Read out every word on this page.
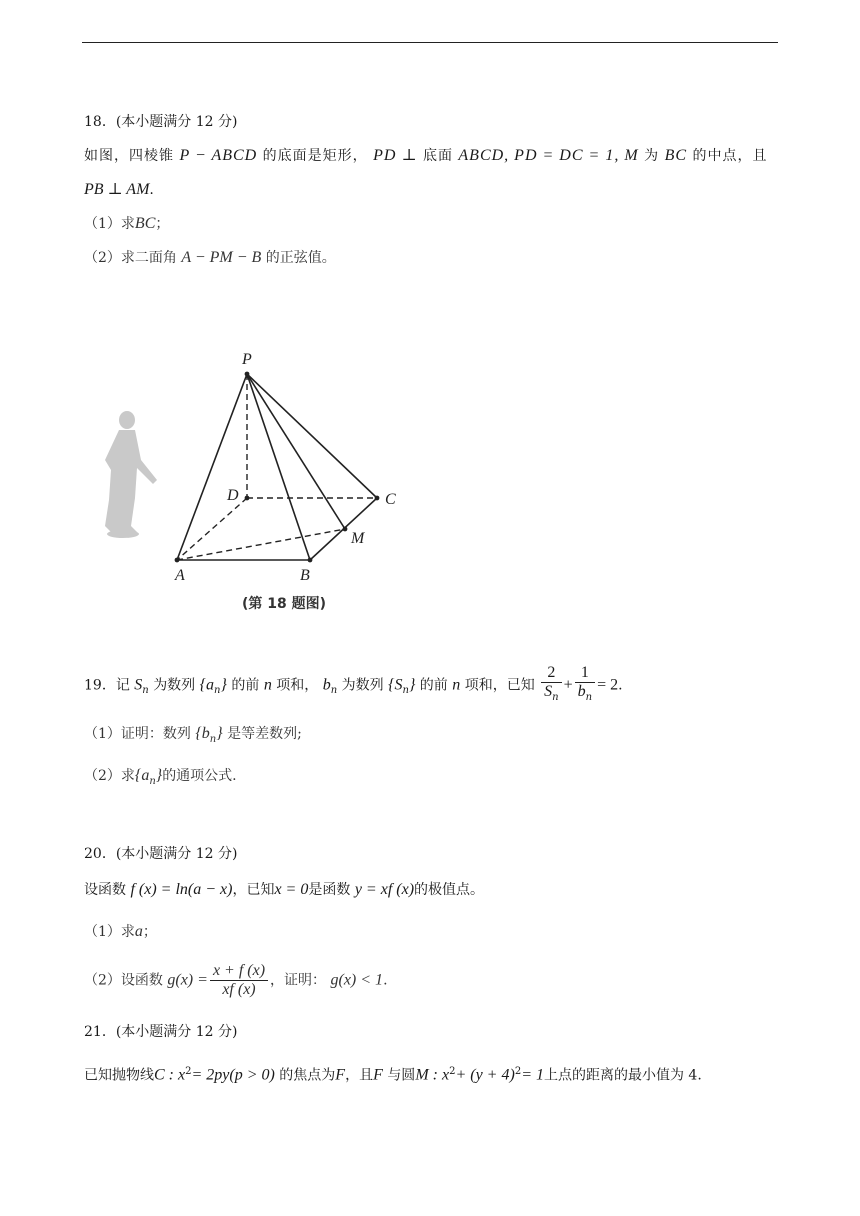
18．(本小题满分 12 分)
如图，四棱锥 P − ABCD 的底面是矩形， PD ⊥ 底面 ABCD, PD = DC = 1, M 为 BC 的中点，且
PB ⊥ AM.
（1）求BC；
（2）求二面角 A − PM − B 的正弦值。
P
D	C
M
A	B
(第 18 题图)
19．记 $S_n$ 为数列 $\{a_n\}$ 的前 n 项和， $b_n$ 为数列 $\{S_n\}$ 的前 n 项和，已知 $\frac{2}{S_n} + \frac{1}{b_n} = 2$.
（1）证明：数列 $\{b_n\}$ 是等差数列;
（2）求$\{a_n\}$的通项公式.
20．(本小题满分 12 分)
设函数 f (x) = ln(a − x)，已知x = 0是函数 y = xf (x)的极值点。
（1）求a；
（2）设函数 $g(x) = \frac{x + f (x)}{xf (x)}$ ，证明： g(x) < 1.
21．(本小题满分 12 分)
已知抛物线C : $x^2= 2py(p > 0)$ 的焦点为F，且F 与圆M : $x^2+ (y + 4)^2= 1$上点的距离的最小值为 4.
